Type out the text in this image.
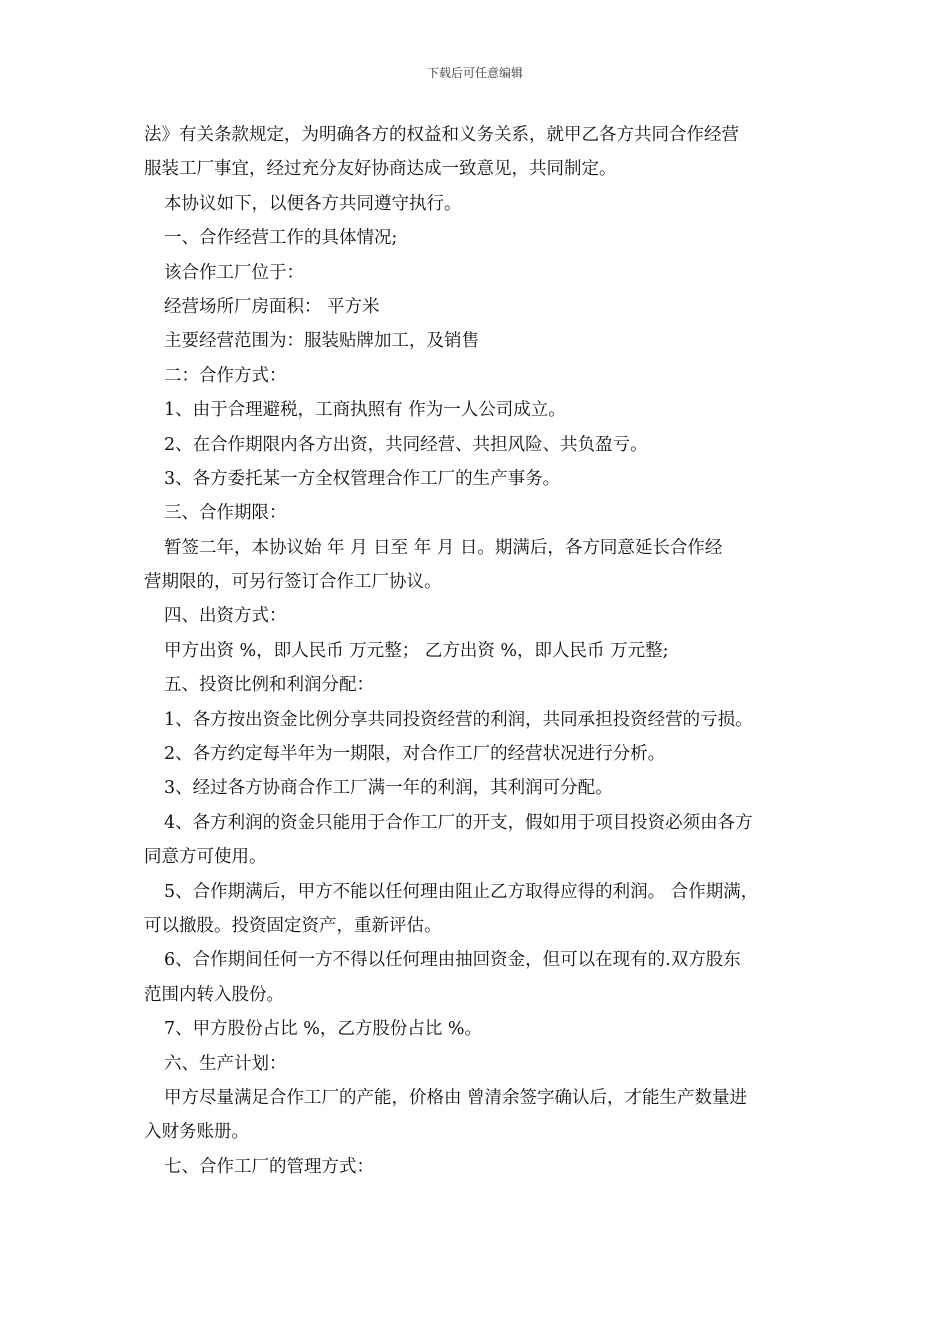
下载后可任意编辑
法》有关条款规定，为明确各方的权益和义务关系，就甲乙各方共同合作经营
服装工厂事宜，经过充分友好协商达成一致意见，共同制定。
本协议如下，以便各方共同遵守执行。
一、合作经营工作的具体情况;
该合作工厂位于：
经营场所厂房面积： 平方米
主要经营范围为：服装贴牌加工，及销售
二：合作方式：
1、由于合理避税，工商执照有 作为一人公司成立。
2、在合作期限内各方出资，共同经营、共担风险、共负盈亏。
3、各方委托某一方全权管理合作工厂的生产事务。
三、合作期限：
暂签二年，本协议始 年 月 日至 年 月 日。期满后，各方同意延长合作经
营期限的，可另行签订合作工厂协议。
四、出资方式：
甲方出资 %，即人民币 万元整； 乙方出资 %，即人民币 万元整;
五、投资比例和利润分配：
1、各方按出资金比例分享共同投资经营的利润，共同承担投资经营的亏损。
2、各方约定每半年为一期限，对合作工厂的经营状况进行分析。
3、经过各方协商合作工厂满一年的利润，其利润可分配。
4、各方利润的资金只能用于合作工厂的开支，假如用于项目投资必须由各方
同意方可使用。
5、合作期满后，甲方不能以任何理由阻止乙方取得应得的利润。 合作期满，
可以撤股。投资固定资产，重新评估。
6、合作期间任何一方不得以任何理由抽回资金，但可以在现有的.双方股东
范围内转入股份。
7、甲方股份占比 %，乙方股份占比 %。
六、生产计划：
甲方尽量满足合作工厂的产能，价格由 曾清余签字确认后，才能生产数量进
入财务账册。
七、合作工厂的管理方式：
